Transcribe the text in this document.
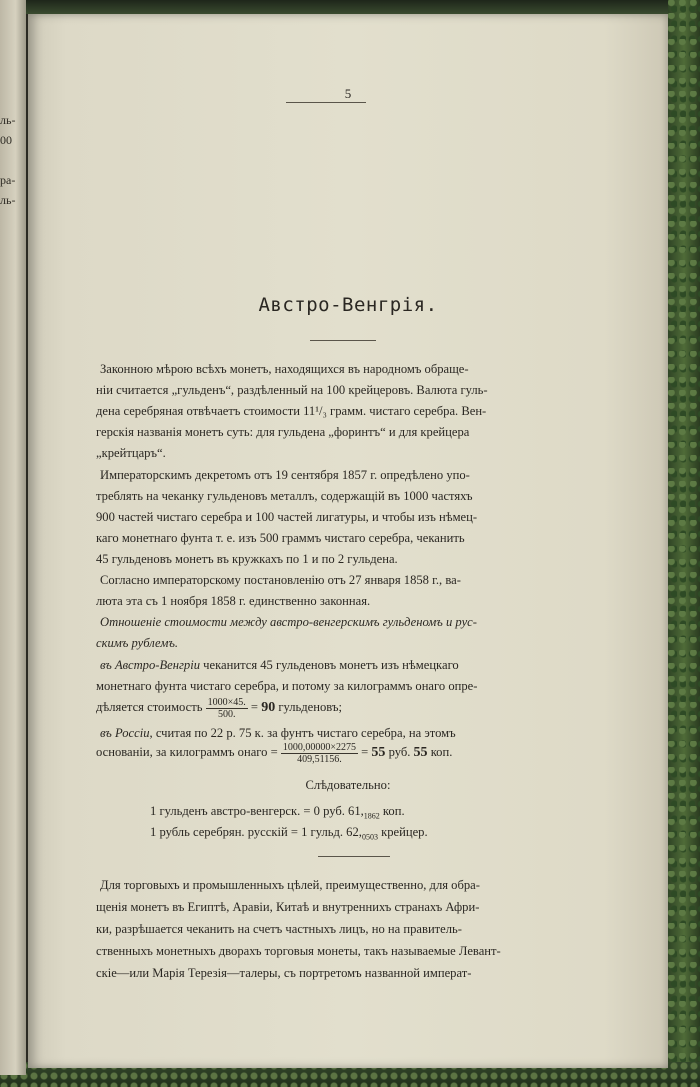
ль-
00
ра-
ль-
5
Австро-Венгрія.
Законною мѣрою всѣхъ монетъ, находящихся въ народномъ обраще-
ніи считается „гульденъ“, раздѣленный на 100 крейцеровъ. Валюта гуль-
дена серебряная отвѣчаетъ стоимости 11¹/₃ грамм. чистаго серебра. Вен-
герскія названія монетъ суть: для гульдена „форинтъ“ и для крейцера
„крейтцаръ“.
Императорскимъ декретомъ отъ 19 сентября 1857 г. опредѣлено упо-
треблять на чеканку гульденовъ металлъ, содержащій въ 1000 частяхъ
900 частей чистаго серебра и 100 частей лигатуры, и чтобы изъ нѣмец-
каго монетнаго фунта т. е. изъ 500 граммъ чистаго серебра, чеканить
45 гульденовъ монетъ въ кружкахъ по 1 и по 2 гульдена.
Согласно императорскому постановленію отъ 27 января 1858 г., ва-
люта эта съ 1 ноября 1858 г. единственно законная.
Отношеніе стоимости между австро-венгерскимъ гульденомъ и рус-
скимъ рублемъ.
въ Австро-Венгріи чеканится 45 гульденовъ монетъ изъ нѣмецкаго
монетнаго фунта чистаго серебра, и потому за килограммъ онаго опре-
дѣляется стоимость $\frac{1000\times 45.}{500.} = 90$ гульденовъ;
въ Россіи, считая по 22 р. 75 к. за фунтъ чистаго серебра, на этомъ
основаніи, за килограммъ онаго = $\frac{1000,00000\times 2275}{409,51156.} = 55$ руб. 55 коп.
Слѣдовательно:
1 гульденъ австро-венгерск. = 0 руб. $61,_{1862}$ коп.
1 рубль серебрян. русскій = 1 гульд. $62,_{0503}$ крейцер.
Для торговыхъ и промышленныхъ цѣлей, преимущественно, для обра-
щенія монетъ въ Египтѣ, Аравіи, Китаѣ и внутреннихъ странахъ Афри-
ки, разрѣшается чеканить на счетъ частныхъ лицъ, но на правитель-
ственныхъ монетныхъ дворахъ торговыя монеты, такъ называемые Левант-
скіе—или Марія Терезія—талеры, съ портретомъ названной императ-
